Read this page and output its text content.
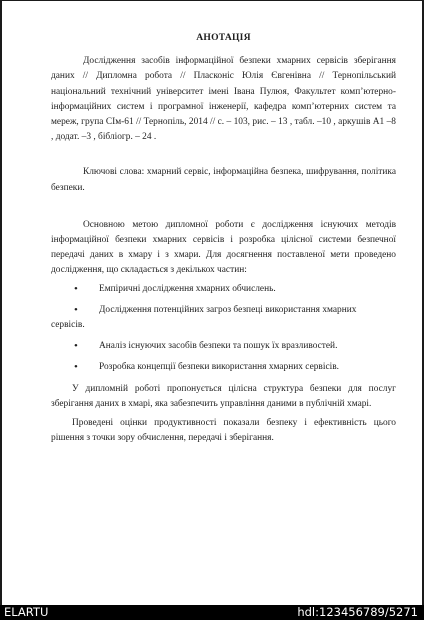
АНОТАЦІЯ

Дослідження засобів інформаційної безпеки хмарних сервісів зберігання даних // Дипломна робота // Пласконіс Юлія Євгенівна // Тернопільський національний технічний університет імені Івана Пулюя, Факультет комп’ютерно-інформаційних систем і програмної інженерії, кафедра комп’ютерних систем та мереж, група СІм-61 // Тернопіль, 2014 // с. – 103, рис. – 13 , табл. –10 , аркушів А1 –8 , додат. –3 , бібліогр. – 24 .

Ключові слова: хмарний сервіс, інформаційна безпека, шифрування, політика безпеки.

Основною метою дипломної роботи є дослідження існуючих методів інформаційної безпеки хмарних сервісів і розробка цілісної системи безпечної передачі даних в хмару і з хмари. Для досягнення поставленої мети проведено дослідження, що складається з декількох частин:

• Емпіричні дослідження хмарних обчислень.
• Дослідження потенційних загроз безпеці використання хмарних
сервісів.
• Аналіз існуючих засобів безпеки та пошук їх вразливостей.
• Розробка концепції безпеки використання хмарних сервісів.

У дипломній роботі пропонується цілісна структура безпеки для послуг зберігання даних в хмарі, яка забезпечить управління даними в публічній хмарі.

Проведені оцінки продуктивності показали безпеку і ефективність цього рішення з точки зору обчислення, передачі і зберігання.

ELARTU	hdl:123456789/5271
